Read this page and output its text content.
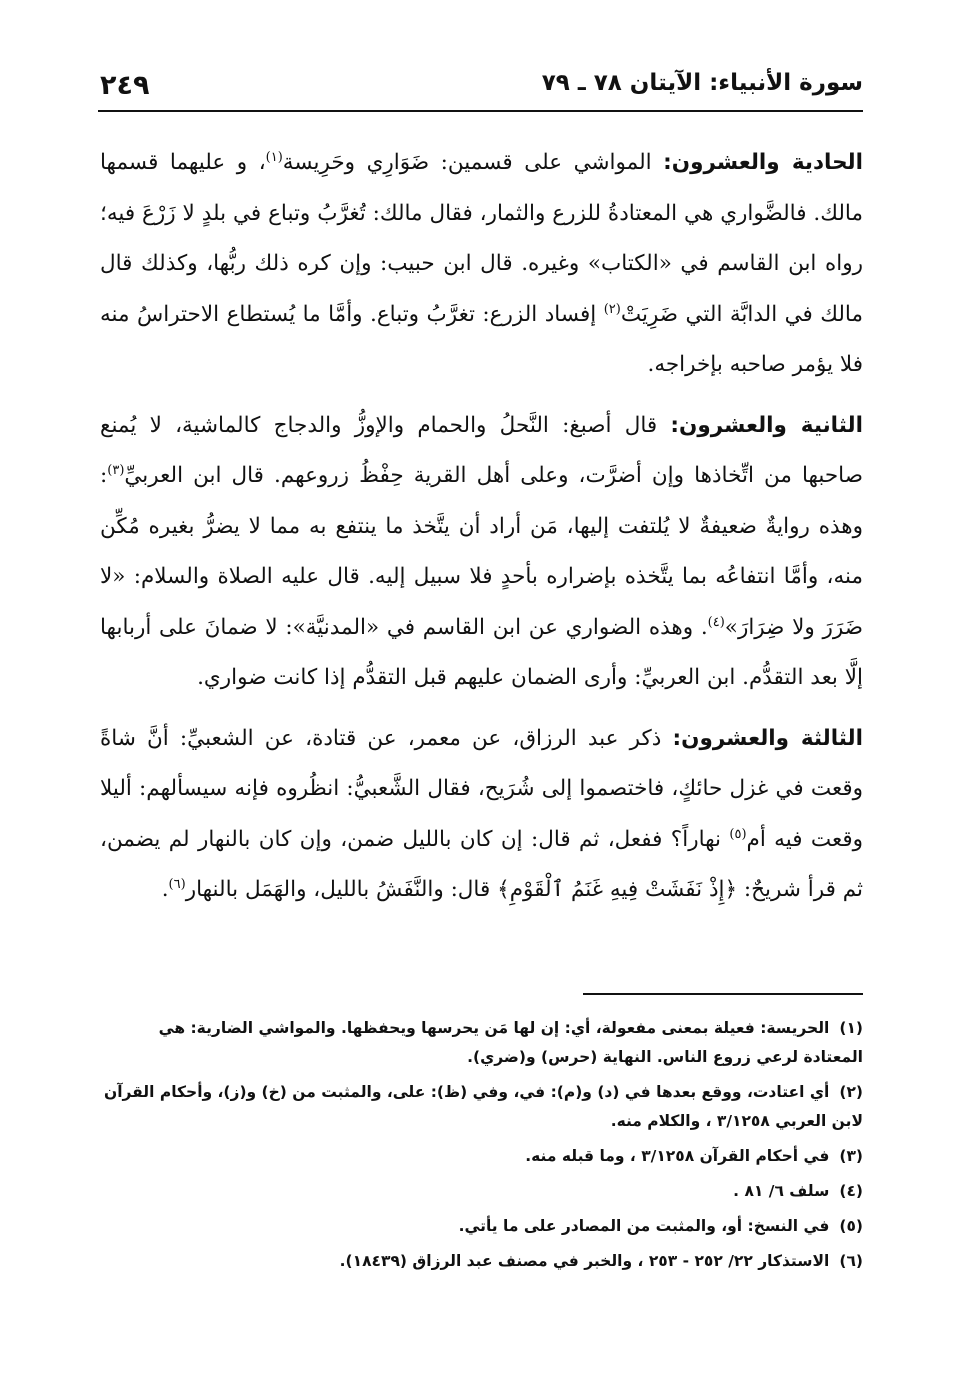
٢٤٩	سورة الأنبياء: الآيتان ٧٨ ـ ٧٩

الحادية والعشرون: المواشي على قسمين: ضَوَارِي وحَرِيسة$^{(١)}$، و عليهما قسمها مالك. فالضَّواري هي المعتادةُ للزرع والثمار، فقال مالك: تُغرَّبُ وتباع في بلدٍ لا زَرْعَ فيه؛ رواه ابن القاسم في «الكتاب» وغيره. قال ابن حبيب: وإن كره ذلك ربُّها، وكذلك قال مالك في الدابَّة التي ضَرِيَتْ$^{(٢)}$ إفساد الزرع: تغرَّبُ وتباع. وأمَّا ما يُستطاع الاحتراسُ منه فلا يؤمر صاحبه بإخراجه.

الثانية والعشرون: قال أصبغ: النَّحلُ والحمام والإوزُّ والدجاج كالماشية، لا يُمنع صاحبها من اتِّخاذها وإن أضرَّت، وعلى أهل القرية حِفْظُ زروعهم. قال ابن العربيِّ$^{(٣)}$: وهذه روايةٌ ضعيفةٌ لا يُلتفت إليها، مَن أراد أن يتَّخذ ما ينتفع به مما لا يضرُّ بغيره مُكِّن منه، وأمَّا انتفاعُه بما يتَّخذه بإضراره بأحدٍ فلا سبيل إليه. قال عليه الصلاة والسلام: «لا ضَرَرَ ولا ضِرَارَ»$^{(٤)}$. وهذه الضواري عن ابن القاسم في «المدنيَّة»: لا ضمانَ على أربابها إلَّا بعد التقدُّم. ابن العربيِّ: وأرى الضمان عليهم قبل التقدُّم إذا كانت ضواري.

الثالثة والعشرون: ذكر عبد الرزاق، عن معمر، عن قتادة، عن الشعبيِّ: أنَّ شاةً وقعت في غزل حائكٍ، فاختصموا إلى شُرَيح، فقال الشَّعبيُّ: انظُروه فإنه سيسألهم: أليلا وقعت فيه أم$^{(٥)}$ نهاراً؟ ففعل، ثم قال: إن كان بالليل ضمن، وإن كان بالنهار لم يضمن، ثم قرأ شريحٌ: ﴿إِذْ نَفَشَتْ فِيهِ غَنَمُ ٱلْقَوْمِ﴾ قال: والنَّفَشُ بالليل، والهَمَل بالنهار$^{(٦)}$.

(١)الحريسة: فعيلة بمعنى مفعولة، أي: إن لها مَن يحرسها ويحفظها. والمواشي الضارية: هي المعتادة لرعي زروع الناس. النهاية (حرس) و(ضري).
(٢)أي اعتادت، ووقع بعدها في (د) و(م): في، وفي (ظ): على، والمثبت من (خ) و(ز)، وأحكام القرآن لابن العربي ٣/١٢٥٨ ، والكلام منه.
(٣)في أحكام القرآن ٣/١٢٥٨ ، وما قبله منه.
(٤)سلف ٦/ ٨١ .
(٥)في النسخ: أو، والمثبت من المصادر على ما يأتي.
(٦)الاستذكار ٢٢/ ٢٥٢ - ٢٥٣ ، والخبر في مصنف عبد الرزاق (١٨٤٣٩).
